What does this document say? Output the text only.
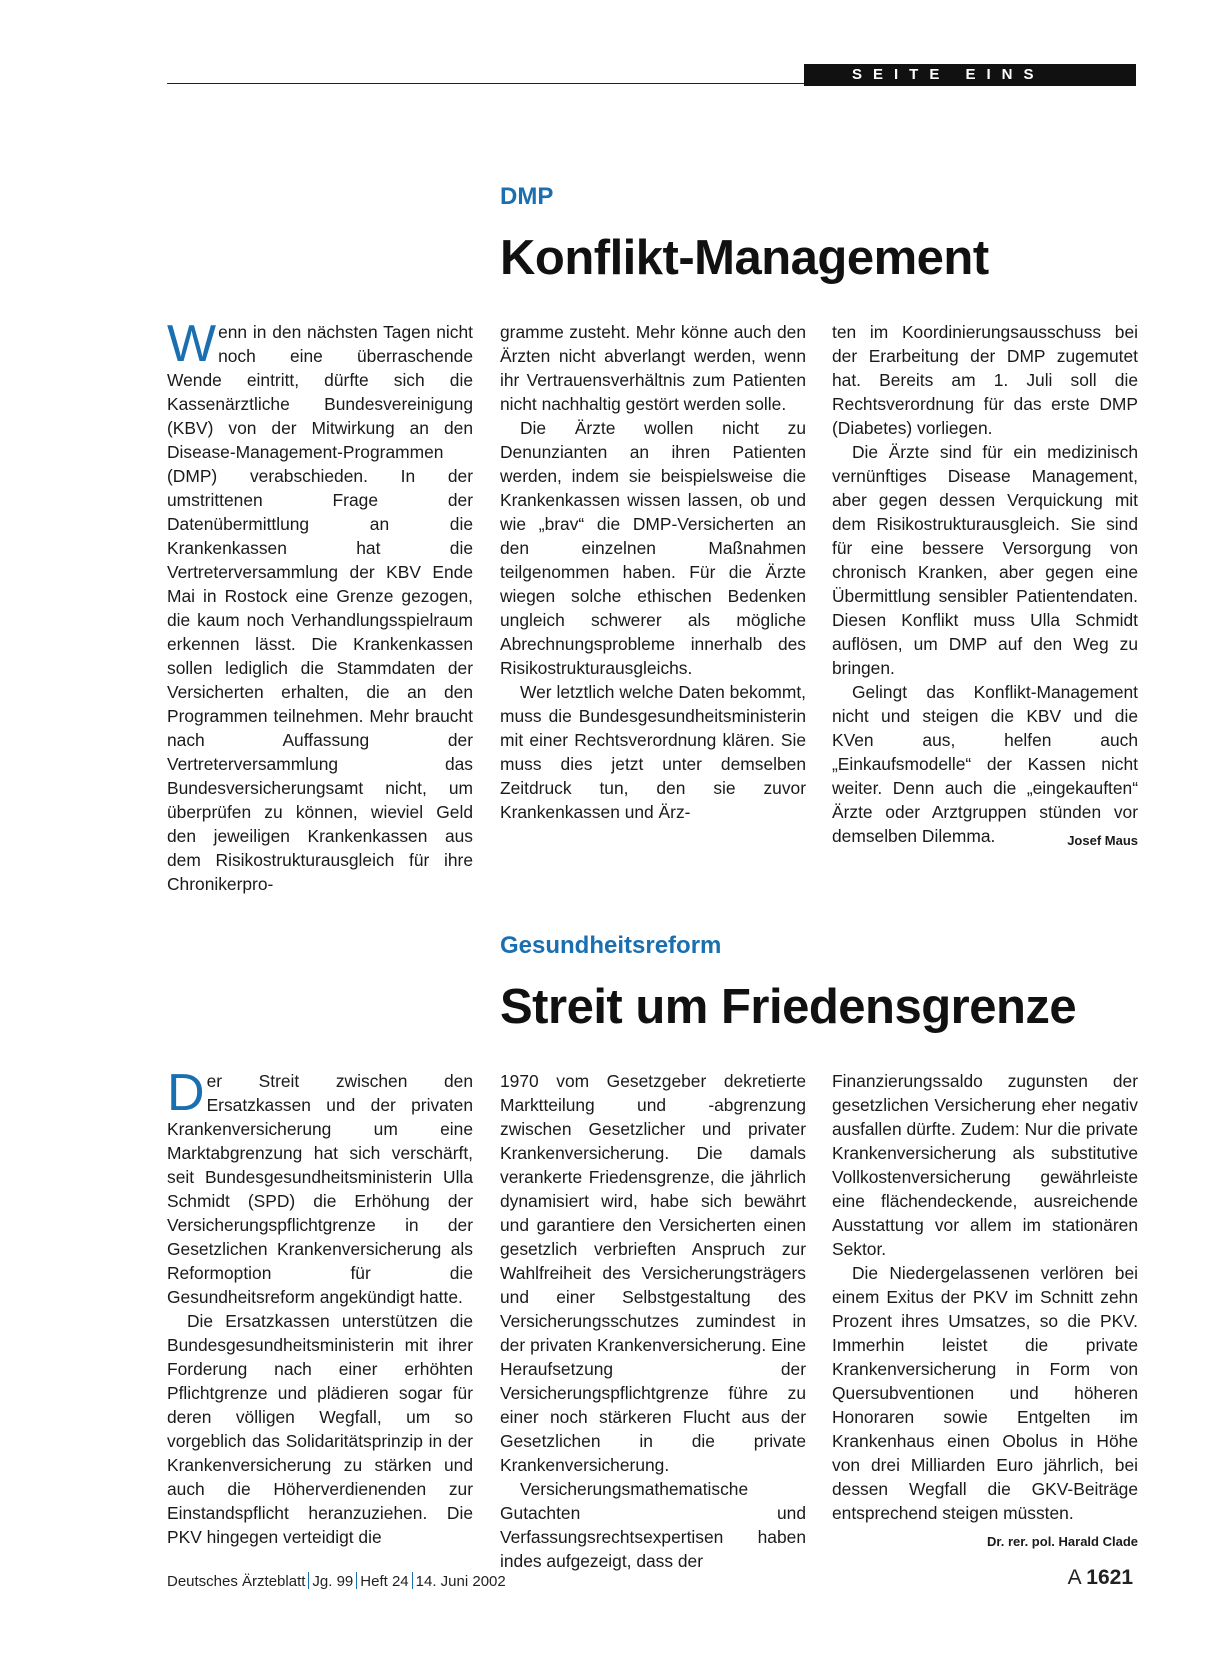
SEITE EINS
DMP
Konflikt-Management

Wenn in den nächsten Tagen nicht noch eine überraschende Wende eintritt, dürfte sich die Kassenärztliche Bundesvereinigung (KBV) von der Mitwirkung an den Disease-Management-Programmen (DMP) verabschieden. In der umstrittenen Frage der Datenübermittlung an die Krankenkassen hat die Vertreterversammlung der KBV Ende Mai in Rostock eine Grenze gezogen, die kaum noch Verhandlungsspielraum erkennen lässt. Die Krankenkassen sollen lediglich die Stammdaten der Versicherten erhalten, die an den Programmen teilnehmen. Mehr braucht nach Auffassung der Vertreterversammlung das Bundesversicherungsamt nicht, um überprüfen zu können, wieviel Geld den jeweiligen Krankenkassen aus dem Risikostrukturausgleich für ihre Chronikerpro-

gramme zusteht. Mehr könne auch den Ärzten nicht abverlangt werden, wenn ihr Vertrauensverhältnis zum Patienten nicht nachhaltig gestört werden solle.

Die Ärzte wollen nicht zu Denunzianten an ihren Patienten werden, indem sie beispielsweise die Krankenkassen wissen lassen, ob und wie „brav“ die DMP-Versicherten an den einzelnen Maßnahmen teilgenommen haben. Für die Ärzte wiegen solche ethischen Bedenken ungleich schwerer als mögliche Abrechnungsprobleme innerhalb des Risikostrukturausgleichs.

Wer letztlich welche Daten bekommt, muss die Bundesgesundheitsministerin mit einer Rechtsverordnung klären. Sie muss dies jetzt unter demselben Zeitdruck tun, den sie zuvor Krankenkassen und Ärz-

ten im Koordinierungsausschuss bei der Erarbeitung der DMP zugemutet hat. Bereits am 1. Juli soll die Rechtsverordnung für das erste DMP (Diabetes) vorliegen.

Die Ärzte sind für ein medizinisch vernünftiges Disease Management, aber gegen dessen Verquickung mit dem Risikostrukturausgleich. Sie sind für eine bessere Versorgung von chronisch Kranken, aber gegen eine Übermittlung sensibler Patientendaten. Diesen Konflikt muss Ulla Schmidt auflösen, um DMP auf den Weg zu bringen.

Gelingt das Konflikt-Management nicht und steigen die KBV und die KVen aus, helfen auch „Einkaufsmodelle“ der Kassen nicht weiter. Denn auch die „eingekauften“ Ärzte oder Arztgruppen stünden vor demselben Dilemma.	Josef Maus

Gesundheitsreform
Streit um Friedensgrenze

Der Streit zwischen den Ersatzkassen und der privaten Krankenversicherung um eine Marktabgrenzung hat sich verschärft, seit Bundesgesundheitsministerin Ulla Schmidt (SPD) die Erhöhung der Versicherungspflichtgrenze in der Gesetzlichen Krankenversicherung als Reformoption für die Gesundheitsreform angekündigt hatte.

Die Ersatzkassen unterstützen die Bundesgesundheitsministerin mit ihrer Forderung nach einer erhöhten Pflichtgrenze und plädieren sogar für deren völligen Wegfall, um so vorgeblich das Solidaritätsprinzip in der Krankenversicherung zu stärken und auch die Höherverdienenden zur Einstandspflicht heranzuziehen. Die PKV hingegen verteidigt die

1970 vom Gesetzgeber dekretierte Marktteilung und -abgrenzung zwischen Gesetzlicher und privater Krankenversicherung. Die damals verankerte Friedensgrenze, die jährlich dynamisiert wird, habe sich bewährt und garantiere den Versicherten einen gesetzlich verbrieften Anspruch zur Wahlfreiheit des Versicherungsträgers und einer Selbstgestaltung des Versicherungsschutzes zumindest in der privaten Krankenversicherung. Eine Heraufsetzung der Versicherungspflichtgrenze führe zu einer noch stärkeren Flucht aus der Gesetzlichen in die private Krankenversicherung.

Versicherungsmathematische Gutachten und Verfassungsrechtsexpertisen haben indes aufgezeigt, dass der

Finanzierungssaldo zugunsten der gesetzlichen Versicherung eher negativ ausfallen dürfte. Zudem: Nur die private Krankenversicherung als substitutive Vollkostenversicherung gewährleiste eine flächendeckende, ausreichende Ausstattung vor allem im stationären Sektor.

Die Niedergelassenen verlören bei einem Exitus der PKV im Schnitt zehn Prozent ihres Umsatzes, so die PKV. Immerhin leistet die private Krankenversicherung in Form von Quersubventionen und höheren Honoraren sowie Entgelten im Krankenhaus einen Obolus in Höhe von drei Milliarden Euro jährlich, bei dessen Wegfall die GKV-Beiträge entsprechend steigen müssten.
Dr. rer. pol. Harald Clade

Deutsches Ärzteblatt Jg. 99 Heft 24 14. Juni 2002	A 1621
